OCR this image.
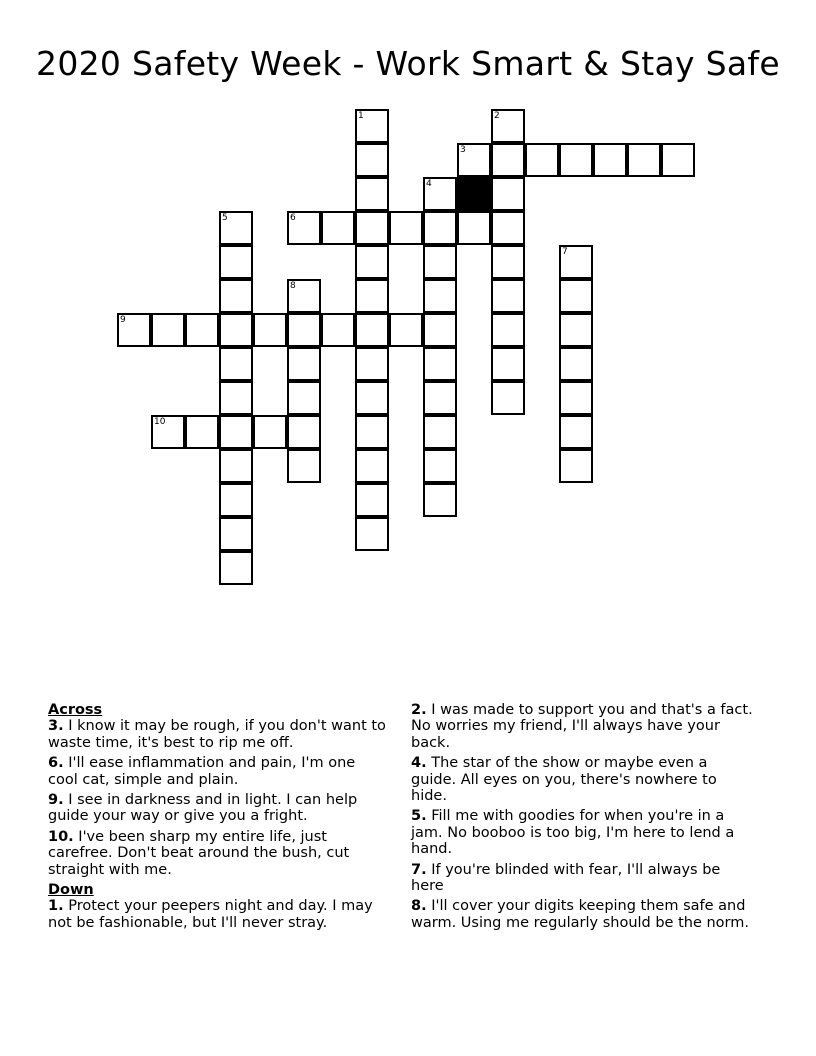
2020 Safety Week - Work Smart & Stay Safe
3
6
9
10
1	2
4
5
7
8
Across
3. I know it may be rough, if you don't want to waste time, it's best to rip me off.
6. I'll ease inflammation and pain, I'm one cool cat, simple and plain.
9. I see in darkness and in light. I can help guide your way or give you a fright.
10. I've been sharp my entire life, just carefree. Don't beat around the bush, cut straight with me.
Down
1. Protect your peepers night and day. I may not be fashionable, but I'll never stray.
2. I was made to support you and that's a fact. No worries my friend, I'll always have your back.
4. The star of the show or maybe even a guide. All eyes on you, there's nowhere to hide.
5. Fill me with goodies for when you're in a jam. No booboo is too big, I'm here to lend a hand.
7. If you're blinded with fear, I'll always be here
8. I'll cover your digits keeping them safe and warm. Using me regularly should be the norm.
